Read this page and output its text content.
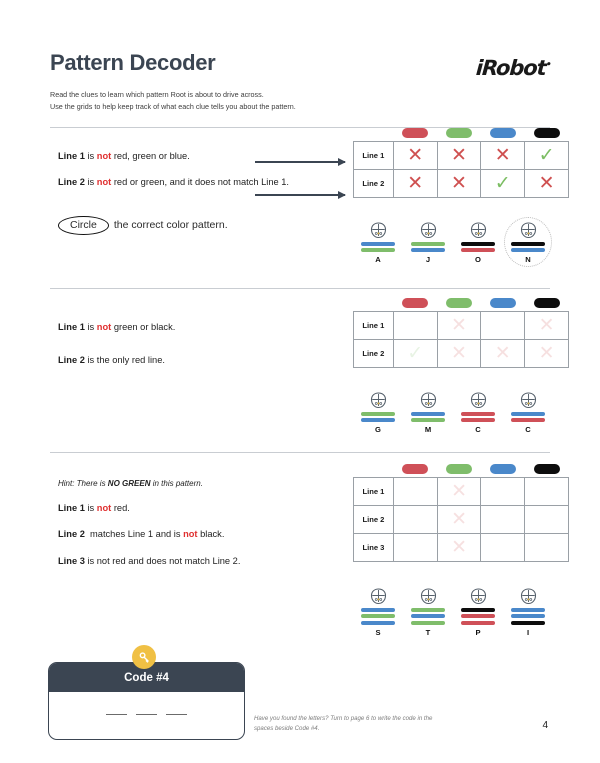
Pattern Decoder	iRobot•
Read the clues to learn which pattern Root is about to drive across.
Use the grids to help keep track of what each clue tells you about the pattern.
Line 1 is not red, green or blue.
Line 2 is not red or green, and it does not match Line 1.
Circle	the correct color pattern.
Line 1	✕	✕	✕	✓
Line 2	✕	✕	✓	✕
A	J	O	N
Line 1 is not green or black.
Line 2 is the only red line.
Line 1		✕		✕
Line 2	✓	✕	✕	✕
G	M	C	C
Hint: There is NO GREEN in this pattern.
Line 1 is not red.
Line 2  matches Line 1 and is not black.
Line 3 is not red and does not match Line 2.
Line 1		✕		
Line 2		✕		
Line 3		✕		
S	T	P	I
Code #4
Have you found the letters? Turn to page 6 to write the code in the spaces beside Code #4.	4
